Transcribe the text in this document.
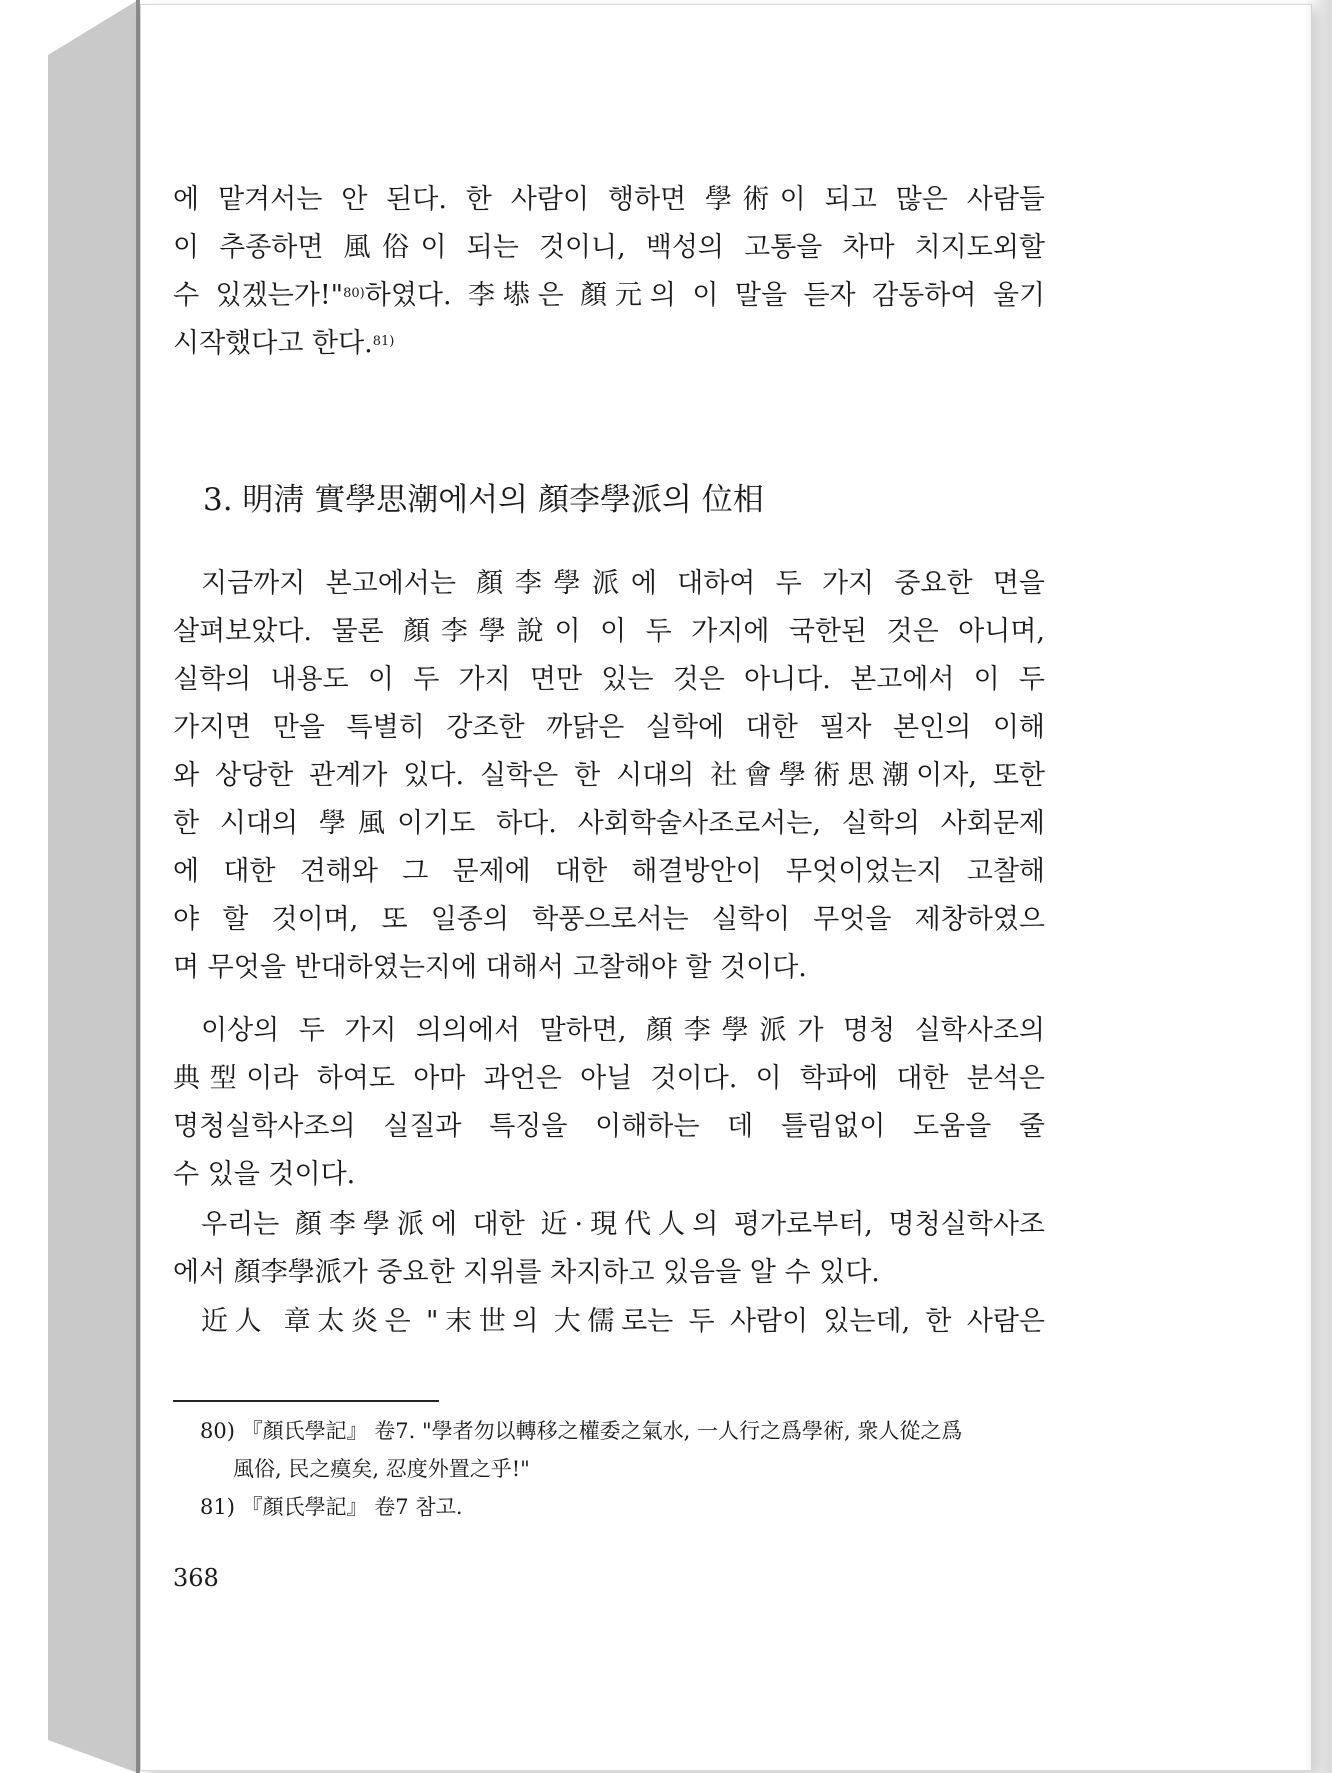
에 맡겨서는 안 된다. 한 사람이 행하면 學術이 되고 많은 사람들
이 추종하면 風俗이 되는 것이니, 백성의 고통을 차마 치지도외할
수 있겠는가!"$^{80)}$하였다. 李塨은 顏元의 이 말을 듣자 감동하여 울기
시작했다고 한다.$^{81)}$
3. 明淸 實學思潮에서의 顏李學派의 位相
지금까지 본고에서는 顏李學派에 대하여 두 가지 중요한 면을
살펴보았다. 물론 顏李學說이 이 두 가지에 국한된 것은 아니며,
실학의 내용도 이 두 가지 면만 있는 것은 아니다. 본고에서 이 두
가지면 만을 특별히 강조한 까닭은 실학에 대한 필자 본인의 이해
와 상당한 관계가 있다. 실학은 한 시대의 社會學術思潮이자, 또한
한 시대의 學風이기도 하다. 사회학술사조로서는, 실학의 사회문제
에 대한 견해와 그 문제에 대한 해결방안이 무엇이었는지 고찰해
야 할 것이며, 또 일종의 학풍으로서는 실학이 무엇을 제창하였으
며 무엇을 반대하였는지에 대해서 고찰해야 할 것이다.
이상의 두 가지 의의에서 말하면, 顏李學派가 명청 실학사조의
典型이라 하여도 아마 과언은 아닐 것이다. 이 학파에 대한 분석은
명청실학사조의 실질과 특징을 이해하는 데 틀림없이 도움을 줄
수 있을 것이다.
우리는 顏李學派에 대한 近·現代人의 평가로부터, 명청실학사조
에서 顏李學派가 중요한 지위를 차지하고 있음을 알 수 있다.
近人 章太炎은 "末世의 大儒로는 두 사람이 있는데, 한 사람은
80) 『顏氏學記』 卷7. "學者勿以轉移之權委之氣水, 一人行之爲學術, 衆人從之爲
風俗, 民之瘼矣, 忍度外置之乎!"
81) 『顏氏學記』 卷7 참고.
368
